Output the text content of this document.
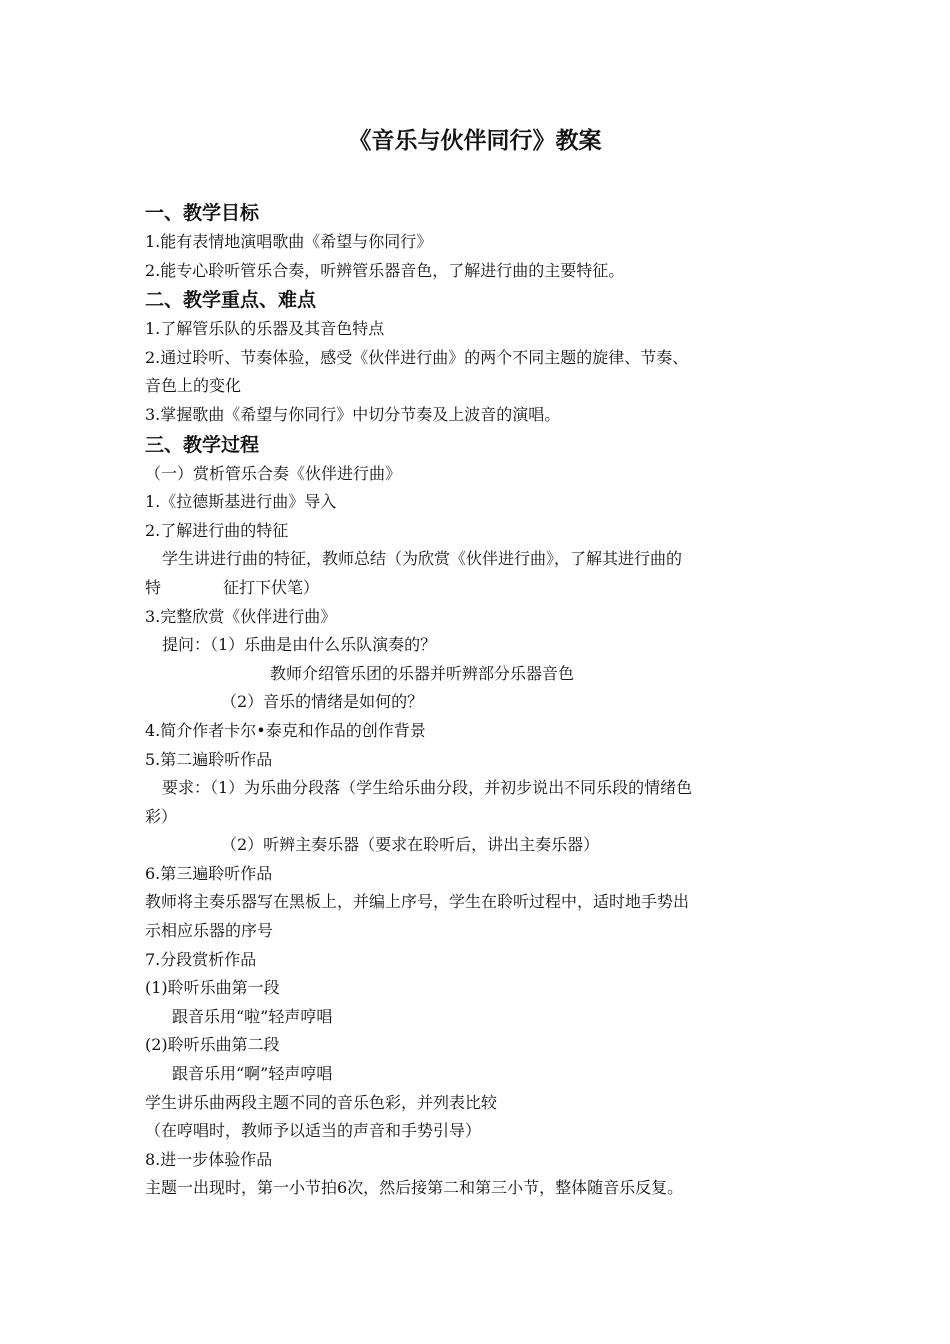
《音乐与伙伴同行》教案
一、教学目标
1.能有表情地演唱歌曲《希望与你同行》
2.能专心聆听管乐合奏，听辨管乐器音色，了解进行曲的主要特征。
二、教学重点、难点
1.了解管乐队的乐器及其音色特点
2.通过聆听、节奏体验，感受《伙伴进行曲》的两个不同主题的旋律、节奏、
音色上的变化
3.掌握歌曲《希望与你同行》中切分节奏及上波音的演唱。
三、教学过程
（一）赏析管乐合奏《伙伴进行曲》
1.《拉德斯基进行曲》导入
2.了解进行曲的特征
学生讲进行曲的特征，教师总结（为欣赏《伙伴进行曲》，了解其进行曲的
特	征打下伏笔）
3.完整欣赏《伙伴进行曲》
提问：（1）乐曲是由什么乐队演奏的？
教师介绍管乐团的乐器并听辨部分乐器音色
（2）音乐的情绪是如何的？
4.简介作者卡尔•泰克和作品的创作背景
5.第二遍聆听作品
要求：（1）为乐曲分段落（学生给乐曲分段，并初步说出不同乐段的情绪色
彩）
（2）听辨主奏乐器（要求在聆听后，讲出主奏乐器）
6.第三遍聆听作品
教师将主奏乐器写在黑板上，并编上序号，学生在聆听过程中，适时地手势出
示相应乐器的序号
7.分段赏析作品
(1)聆听乐曲第一段
跟音乐用“啦”轻声哼唱
(2)聆听乐曲第二段
跟音乐用“啊”轻声哼唱
学生讲乐曲两段主题不同的音乐色彩，并列表比较
（在哼唱时，教师予以适当的声音和手势引导）
8.进一步体验作品
主题一出现时，第一小节拍6次，然后接第二和第三小节，整体随音乐反复。
